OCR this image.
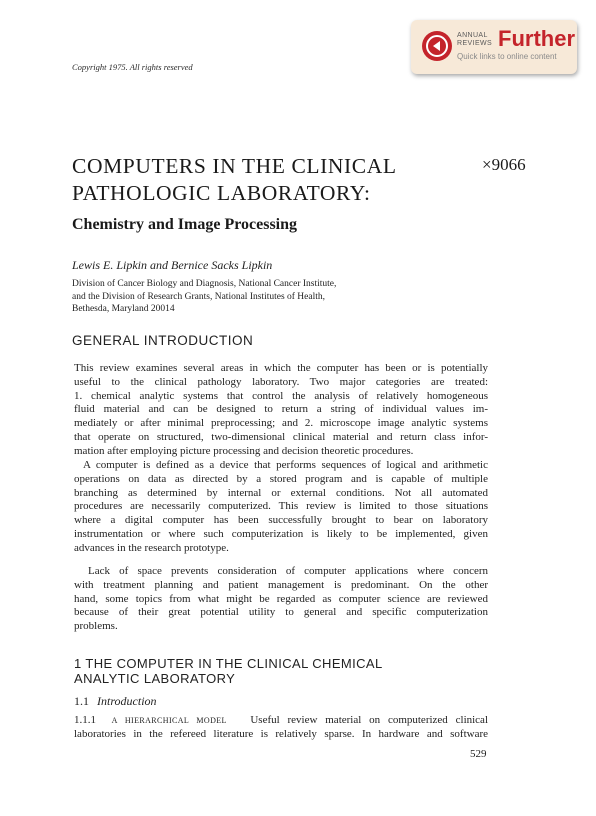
ANNUAL
REVIEWS Further
Quick links to online content
Copyright 1975. All rights reserved
COMPUTERS IN THE CLINICAL
PATHOLOGIC LABORATORY:
×9066
Chemistry and Image Processing
Lewis E. Lipkin and Bernice Sacks Lipkin
Division of Cancer Biology and Diagnosis, National Cancer Institute,
and the Division of Research Grants, National Institutes of Health,
Bethesda, Maryland 20014
GENERAL INTRODUCTION
This review examines several areas in which the computer has been or is potentially
useful to the clinical pathology laboratory. Two major categories are treated:
1. chemical analytic systems that control the analysis of relatively homogeneous
fluid material and can be designed to return a string of individual values im-
mediately or after minimal preprocessing; and 2. microscope image analytic systems
that operate on structured, two-dimensional clinical material and return class infor-
mation after employing picture processing and decision theoretic procedures.
A computer is defined as a device that performs sequences of logical and arithmetic
operations on data as directed by a stored program and is capable of multiple
branching as determined by internal or external conditions. Not all automated
procedures are necessarily computerized. This review is limited to those situations
where a digital computer has been successfully brought to bear on laboratory
instrumentation or where such computerization is likely to be implemented, given
advances in the research prototype.
Lack of space prevents consideration of computer applications where concern
with treatment planning and patient management is predominant. On the other
hand, some topics from what might be regarded as computer science are reviewed
because of their great potential utility to general and specific computerization
problems.
1 THE COMPUTER IN THE CLINICAL CHEMICAL
ANALYTIC LABORATORY
1.1 Introduction
1.1.1 A HIERARCHICAL MODEL Useful review material on computerized clinical
laboratories in the refereed literature is relatively sparse. In hardware and software
529
